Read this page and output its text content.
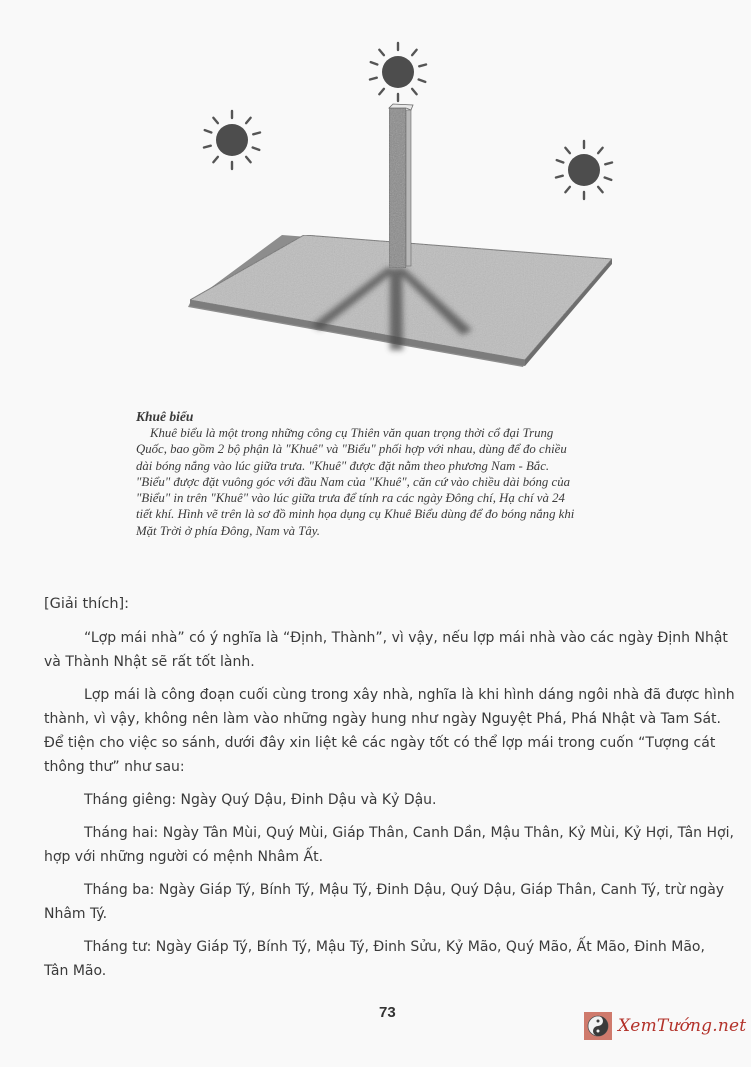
Khuê biểu
Khuê biểu là một trong những công cụ Thiên văn quan trọng thời cổ đại Trung
Quốc, bao gồm 2 bộ phận là "Khuê" và "Biểu" phối hợp với nhau, dùng để đo chiều
dài bóng nắng vào lúc giữa trưa. "Khuê" được đặt nằm theo phương Nam - Bắc.
"Biểu" được đặt vuông góc với đầu Nam của "Khuê", căn cứ vào chiều dài bóng của
"Biểu" in trên "Khuê" vào lúc giữa trưa để tính ra các ngày Đông chí, Hạ chí và 24
tiết khí. Hình vẽ trên là sơ đồ minh họa dụng cụ Khuê Biểu dùng để đo bóng nắng khi
Mặt Trời ở phía Đông, Nam và Tây.
[Giải thích]:

“Lợp mái nhà” có ý nghĩa là “Định, Thành”, vì vậy, nếu lợp mái nhà vào các ngày Định Nhật
và Thành Nhật sẽ rất tốt lành.

Lợp mái là công đoạn cuối cùng trong xây nhà, nghĩa là khi hình dáng ngôi nhà đã được hình
thành, vì vậy, không nên làm vào những ngày hung như ngày Nguyệt Phá, Phá Nhật và Tam Sát.
Để tiện cho việc so sánh, dưới đây xin liệt kê các ngày tốt có thể lợp mái trong cuốn “Tượng cát
thông thư” như sau:

Tháng giêng: Ngày Quý Dậu, Đinh Dậu và Kỷ Dậu.

Tháng hai: Ngày Tân Mùi, Quý Mùi, Giáp Thân, Canh Dần, Mậu Thân, Kỷ Mùi, Kỷ Hợi, Tân Hợi,
hợp với những người có mệnh Nhâm Ất.

Tháng ba: Ngày Giáp Tý, Bính Tý, Mậu Tý, Đinh Dậu, Quý Dậu, Giáp Thân, Canh Tý, trừ ngày
Nhâm Tý.

Tháng tư: Ngày Giáp Tý, Bính Tý, Mậu Tý, Đinh Sửu, Kỷ Mão, Quý Mão, Ất Mão, Đinh Mão,
Tân Mão.

73
XemTướng.net
